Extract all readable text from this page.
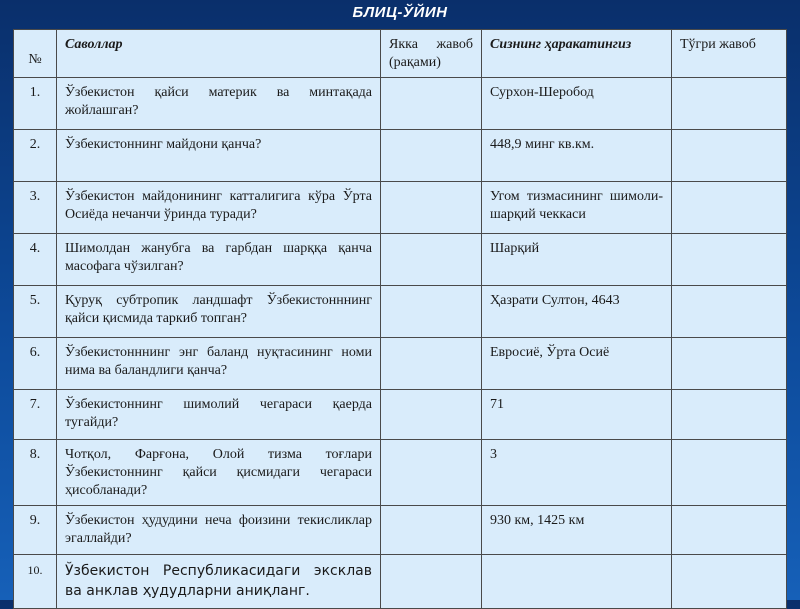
БЛИЦ-ЎЙИН
№	Саволлар	Якка жавоб (рақами)	Сизнинг ҳаракатингиз	Тўгри жавоб
1.	Ўзбекистон қайси материк ва минтақада жойлашган?		Сурхон-Шеробод	
2.	Ўзбекистоннинг майдони қанча?		448,9 минг кв.км.	
3.	Ўзбекистон майдонининг катталигига кўра Ўрта Осиёда нечанчи ўринда туради?		Угом тизмасининг шимоли-шарқий чеккаси	
4.	Шимолдан жанубга ва гарбдан шарққа қанча масофага чўзилган?		Шарқий	
5.	Қуруқ субтропик ландшафт Ўзбекистонннинг қайси қисмида таркиб топган?		Ҳазрати Султон, 4643	
6.	Ўзбекистонннинг энг баланд нуқтасининг номи нима ва баландлиги қанча?		Евросиё, Ўрта Осиё	
7.	Ўзбекистоннинг шимолий чегараси қаерда тугайди?		71	
8.	Чотқол, Фарғона, Олой тизма тоғлари Ўзбекистоннинг қайси қисмидаги чегараси ҳисобланади?		3	
9.	Ўзбекистон ҳудудини неча фоизини текисликлар эгаллайди?		930 км, 1425 км	
10.	Ўзбекистон Республикасидаги эксклав ва анклав ҳудудларни аниқланг.			
